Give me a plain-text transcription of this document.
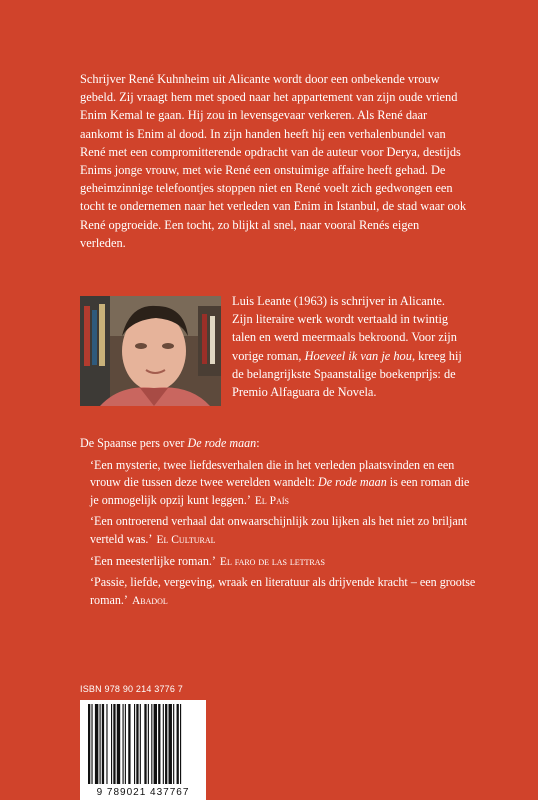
Schrijver René Kuhnheim uit Alicante wordt door een onbekende vrouw gebeld. Zij vraagt hem met spoed naar het appartement van zijn oude vriend Enim Kemal te gaan. Hij zou in levensgevaar verkeren. Als René daar aankomt is Enim al dood. In zijn handen heeft hij een verhalenbundel van René met een compromitterende opdracht van de auteur voor Derya, destijds Enims jonge vrouw, met wie René een onstuimige affaire heeft gehad. De geheimzinnige telefoontjes stoppen niet en René voelt zich gedwongen een tocht te ondernemen naar het verleden van Enim in Istanbul, de stad waar ook René opgroeide. Een tocht, zo blijkt al snel, naar vooral Renés eigen verleden.

Luis Leante (1963) is schrijver in Alicante. Zijn literaire werk wordt vertaald in twintig talen en werd meermaals bekroond. Voor zijn vorige roman, Hoeveel ik van je hou, kreeg hij de belangrijkste Spaanstalige boekenprijs: de Premio Alfaguara de Novela.

De Spaanse pers over De rode maan:

‘Een mysterie, twee liefdesverhalen die in het verleden plaatsvinden en een vrouw die tussen deze twee werelden wandelt: De rode maan is een roman die je onmogelijk opzij kunt leggen.’ El País

‘Een ontroerend verhaal dat onwaarschijnlijk zou lijken als het niet zo briljant verteld was.’ El Cultural

‘Een meesterlijke roman.’ El faro de las lettras

‘Passie, liefde, vergeving, wraak en literatuur als drijvende kracht – een grootse roman.’ Abadol

ISBN 978 90 214 3776 7
9 789021 437767
